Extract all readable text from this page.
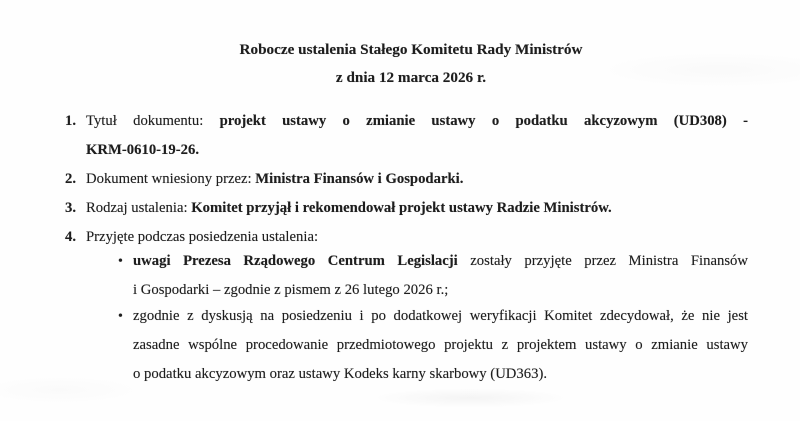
Robocze ustalenia Stałego Komitetu Rady Ministrów
z dnia 12 marca 2026 r.
1. Tytuł dokumentu: projekt ustawy o zmianie ustawy o podatku akcyzowym (UD308) -
KRM-0610-19-26.
2. Dokument wniesiony przez: Ministra Finansów i Gospodarki.
3. Rodzaj ustalenia: Komitet przyjął i rekomendował projekt ustawy Radzie Ministrów.
4. Przyjęte podczas posiedzenia ustalenia:
• uwagi Prezesa Rządowego Centrum Legislacji zostały przyjęte przez Ministra Finansów
i Gospodarki – zgodnie z pismem z 26 lutego 2026 r.;
• zgodnie z dyskusją na posiedzeniu i po dodatkowej weryfikacji Komitet zdecydował, że nie jest
zasadne wspólne procedowanie przedmiotowego projektu z projektem ustawy o zmianie ustawy
o podatku akcyzowym oraz ustawy Kodeks karny skarbowy (UD363).
